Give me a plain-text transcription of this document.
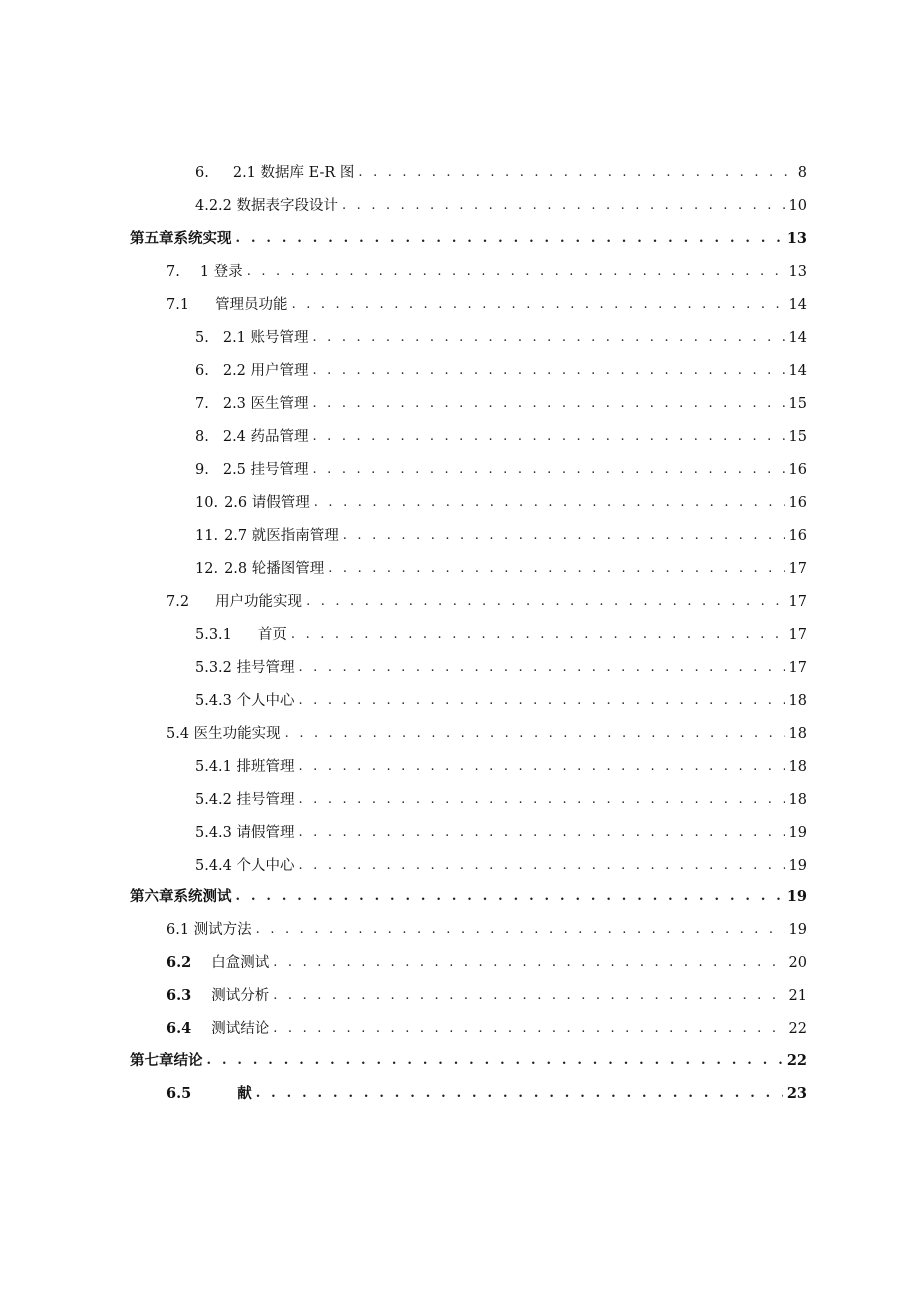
6. 2.1 数据库 E-R 图 . . .	8
4.2.2 数据表字段设计 . . .	10
第五章系统实现 . . .	13
7. 1 登录 . . .	13
7.1 管理员功能 . . .	14
5. 2.1 账号管理 . . .	14
6. 2.2 用户管理 . . .	14
7. 2.3 医生管理 . . .	15
8. 2.4 药品管理 . . .	15
9. 2.5 挂号管理 . . .	16
10. 2.6 请假管理 . . .	16
11. 2.7 就医指南管理 . . .	16
12. 2.8 轮播图管理 . . .	17
7.2 用户功能实现 . . .	17
5.3.1 首页 . . .	17
5.3.2 挂号管理 . . .	17
5.4.3 个人中心 . . .	18
5.4 医生功能实现 . . .	18
5.4.1 排班管理 . . .	18
5.4.2 挂号管理 . . .	18
5.4.3 请假管理 . . .	19
5.4.4 个人中心 . . .	19
第六章系统测试 . . .	19
6.1 测试方法 . . .	19
6.2 白盒测试 . . .	20
6.3 测试分析 . . .	21
6.4 测试结论 . . .	22
第七章结论 . . .	22
6.5	献 . . .	23
